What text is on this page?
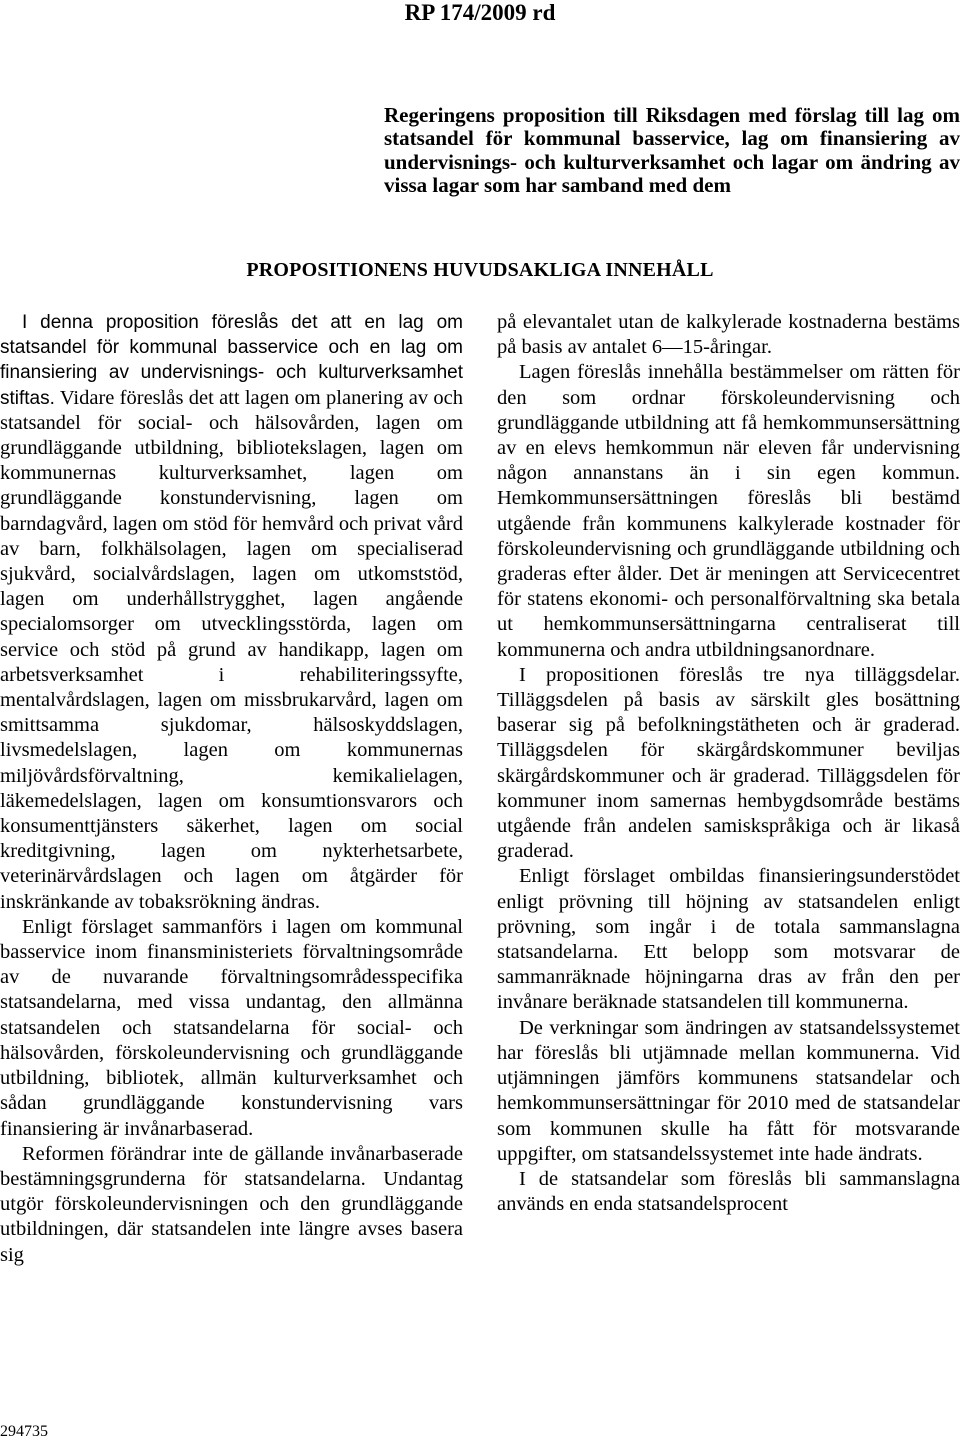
RP 174/2009 rd
Regeringens proposition till Riksdagen med förslag till lag om statsandel för kommunal basservice, lag om finansiering av undervisnings- och kulturverksamhet och lagar om ändring av vissa lagar som har samband med dem
PROPOSITIONENS HUVUDSAKLIGA INNEHÅLL

I denna proposition föreslås det att en lag om statsandel för kommunal basservice och en lag om finansiering av undervisnings- och kulturverksamhet stiftas. Vidare föreslås det att lagen om planering av och statsandel för social- och hälsovården, lagen om grundläggande utbildning, bibliotekslagen, lagen om kommunernas kulturverksamhet, lagen om grundläggande konstundervisning, lagen om barndagvård, lagen om stöd för hemvård och privat vård av barn, folkhälsolagen, lagen om specialiserad sjukvård, socialvårdslagen, lagen om utkomststöd, lagen om underhållstrygghet, lagen angående specialomsorger om utvecklingsstörda, lagen om service och stöd på grund av handikapp, lagen om arbetsverksamhet i rehabiliteringssyfte, mentalvårdslagen, lagen om missbrukarvård, lagen om smittsamma sjukdomar, hälsoskyddslagen, livsmedelslagen, lagen om kommunernas miljövårdsförvaltning, kemikalielagen, läkemedelslagen, lagen om konsumtionsvarors och konsumenttjänsters säkerhet, lagen om social kreditgivning, lagen om nykterhetsarbete, veterinärvårdslagen och lagen om åtgärder för inskränkande av tobaksrökning ändras.

Enligt förslaget sammanförs i lagen om kommunal basservice inom finansministeriets förvaltningsområde av de nuvarande förvaltningsområdesspecifika statsandelarna, med vissa undantag, den allmänna statsandelen och statsandelarna för social- och hälsovården, förskoleundervisning och grundläggande utbildning, bibliotek, allmän kulturverksamhet och sådan grundläggande konstundervisning vars finansiering är invånarbaserad.

Reformen förändrar inte de gällande invånarbaserade bestämningsgrunderna för statsandelarna. Undantag utgör förskoleundervisningen och den grundläggande utbildningen, där statsandelen inte längre avses basera sig

på elevantalet utan de kalkylerade kostnaderna bestäms på basis av antalet 6—15-åringar.

Lagen föreslås innehålla bestämmelser om rätten för den som ordnar förskoleundervisning och grundläggande utbildning att få hemkommunsersättning av en elevs hemkommun när eleven får undervisning någon annanstans än i sin egen kommun. Hemkommunsersättningen föreslås bli bestämd utgående från kommunens kalkylerade kostnader för förskoleundervisning och grundläggande utbildning och graderas efter ålder. Det är meningen att Servicecentret för statens ekonomi- och personalförvaltning ska betala ut hemkommunsersättningarna centraliserat till kommunerna och andra utbildningsanordnare.

I propositionen föreslås tre nya tilläggsdelar. Tilläggsdelen på basis av särskilt gles bosättning baserar sig på befolkningstätheten och är graderad. Tilläggsdelen för skärgårdskommuner beviljas skärgårdskommuner och är graderad. Tilläggsdelen för kommuner inom samernas hembygdsområde bestäms utgående från andelen samiskspråkiga och är likaså graderad.

Enligt förslaget ombildas finansieringsunderstödet enligt prövning till höjning av statsandelen enligt prövning, som ingår i de totala sammanslagna statsandelarna. Ett belopp som motsvarar de sammanräknade höjningarna dras av från den per invånare beräknade statsandelen till kommunerna.

De verkningar som ändringen av statsandelssystemet har föreslås bli utjämnade mellan kommunerna. Vid utjämningen jämförs kommunens statsandelar och hemkommunsersättningar för 2010 med de statsandelar som kommunen skulle ha fått för motsvarande uppgifter, om statsandelssystemet inte hade ändrats.

I de statsandelar som föreslås bli sammanslagna används en enda statsandelsprocent

294735
